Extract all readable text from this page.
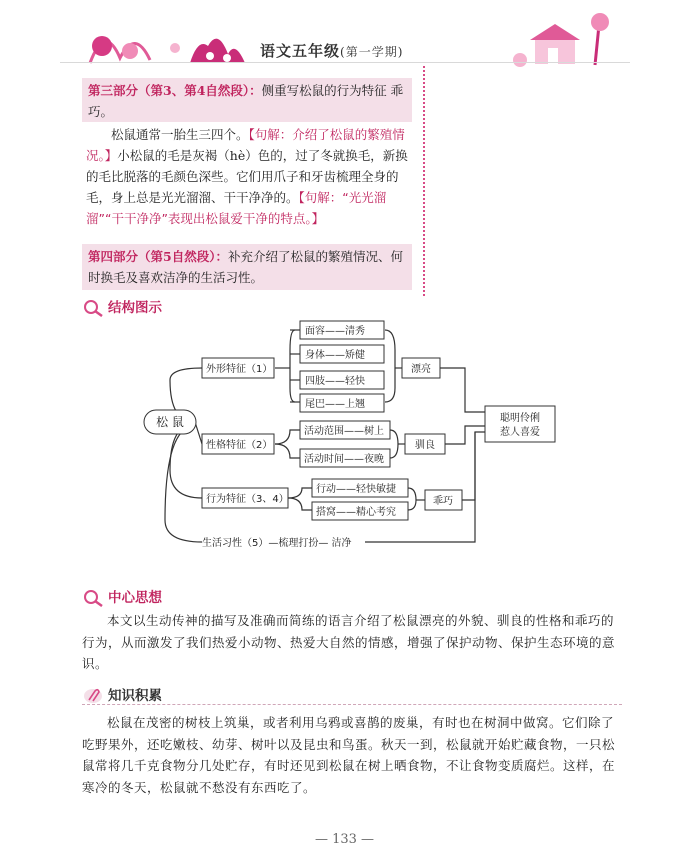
语文五年级(第一学期)
第三部分（第3、第4自然段）：侧重写松鼠的行为特征 乖巧。
松鼠通常一胎生三四个。【句解：介绍了松鼠的繁殖情况。】小松鼠的毛是灰褐（hè）色的，过了冬就换毛，新换的毛比脱落的毛颜色深些。它们用爪子和牙齿梳理全身的毛，身上总是光光溜溜、干干净净的。【句解：“光光溜溜”“干干净净”表现出松鼠爱干净的特点。】
第四部分（第5自然段）：补充介绍了松鼠的繁殖情况、何时换毛及喜欢洁净的生活习性。
结构图示
松 鼠
外形特征（1）
面容——清秀
身体——矫健
四肢——轻快
尾巴——上翘
漂亮
性格特征（2）
活动范围——树上
活动时间——夜晚
驯良
行为特征（3、4）
行动——轻快敏捷
搭窝——精心考究
乖巧
生活习性（5）—梳理打扮— 洁净
聪明伶俐
惹人喜爱
中心思想
本文以生动传神的描写及准确而简练的语言介绍了松鼠漂亮的外貌、驯良的性格和乖巧的行为，从而激发了我们热爱小动物、热爱大自然的情感，增强了保护动物、保护生态环境的意识。
知识积累
松鼠在茂密的树枝上筑巢，或者利用乌鸦或喜鹊的废巢，有时也在树洞中做窝。它们除了吃野果外，还吃嫩枝、幼芽、树叶以及昆虫和鸟蛋。秋天一到，松鼠就开始贮藏食物，一只松鼠常将几千克食物分几处贮存，有时还见到松鼠在树上晒食物，不让食物变质腐烂。这样，在寒冷的冬天，松鼠就不愁没有东西吃了。
— 133 —
